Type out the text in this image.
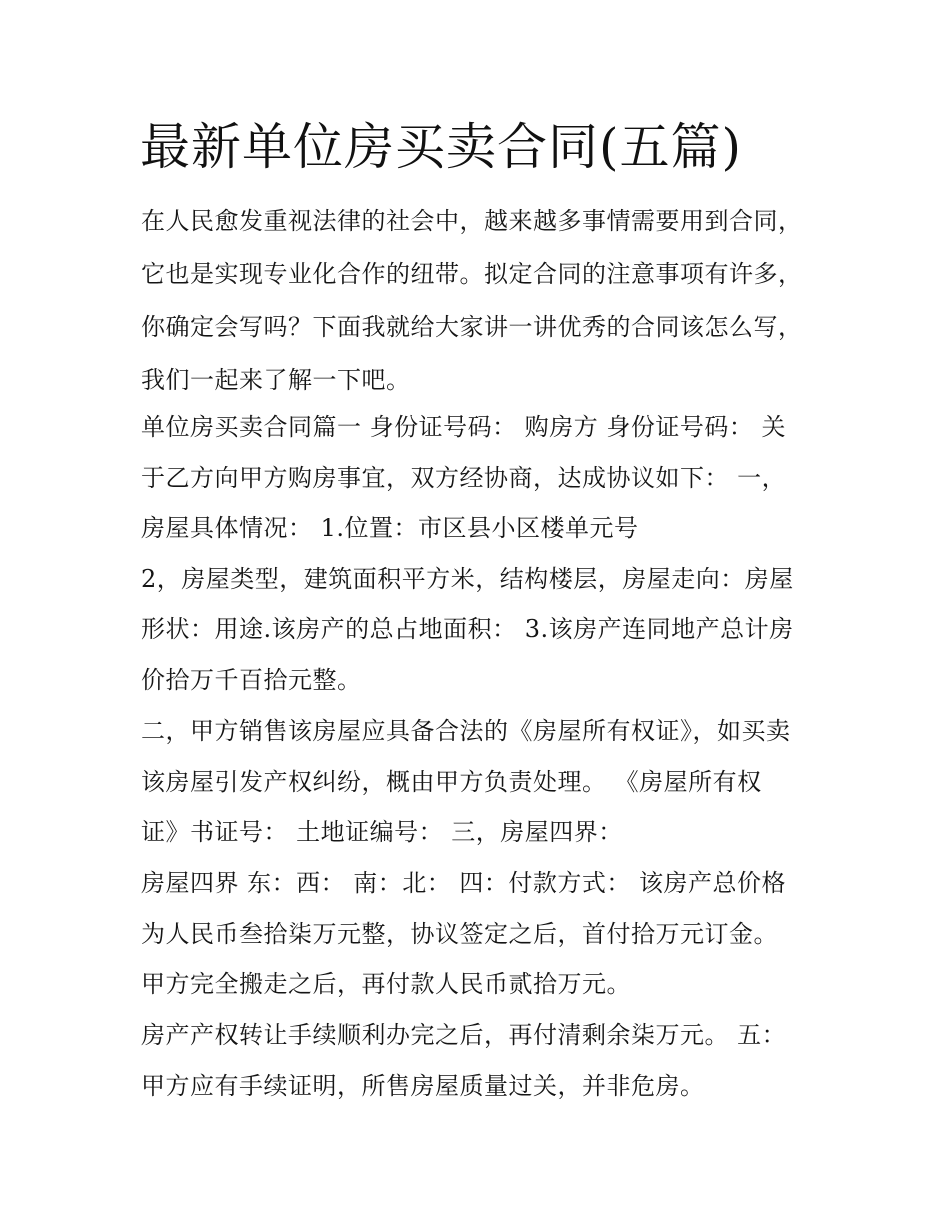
最新单位房买卖合同(五篇)

在人民愈发重视法律的社会中，越来越多事情需要用到合同，

它也是实现专业化合作的纽带。拟定合同的注意事项有许多，

你确定会写吗？下面我就给大家讲一讲优秀的合同该怎么写，

我们一起来了解一下吧。

单位房买卖合同篇一 身份证号码： 购房方 身份证号码： 关

于乙方向甲方购房事宜，双方经协商，达成协议如下： 一，

房屋具体情况： 1.位置：市区县小区楼单元号

2，房屋类型，建筑面积平方米，结构楼层，房屋走向：房屋

形状：用途.该房产的总占地面积： 3.该房产连同地产总计房

价拾万千百拾元整。

二，甲方销售该房屋应具备合法的《房屋所有权证》，如买卖

该房屋引发产权纠纷，概由甲方负责处理。 《房屋所有权

证》书证号： 土地证编号： 三，房屋四界：

房屋四界 东：西： 南：北： 四：付款方式： 该房产总价格

为人民币叁拾柒万元整，协议签定之后，首付拾万元订金。

甲方完全搬走之后，再付款人民币贰拾万元。

房产产权转让手续顺利办完之后，再付清剩余柒万元。 五：

甲方应有手续证明，所售房屋质量过关，并非危房。
